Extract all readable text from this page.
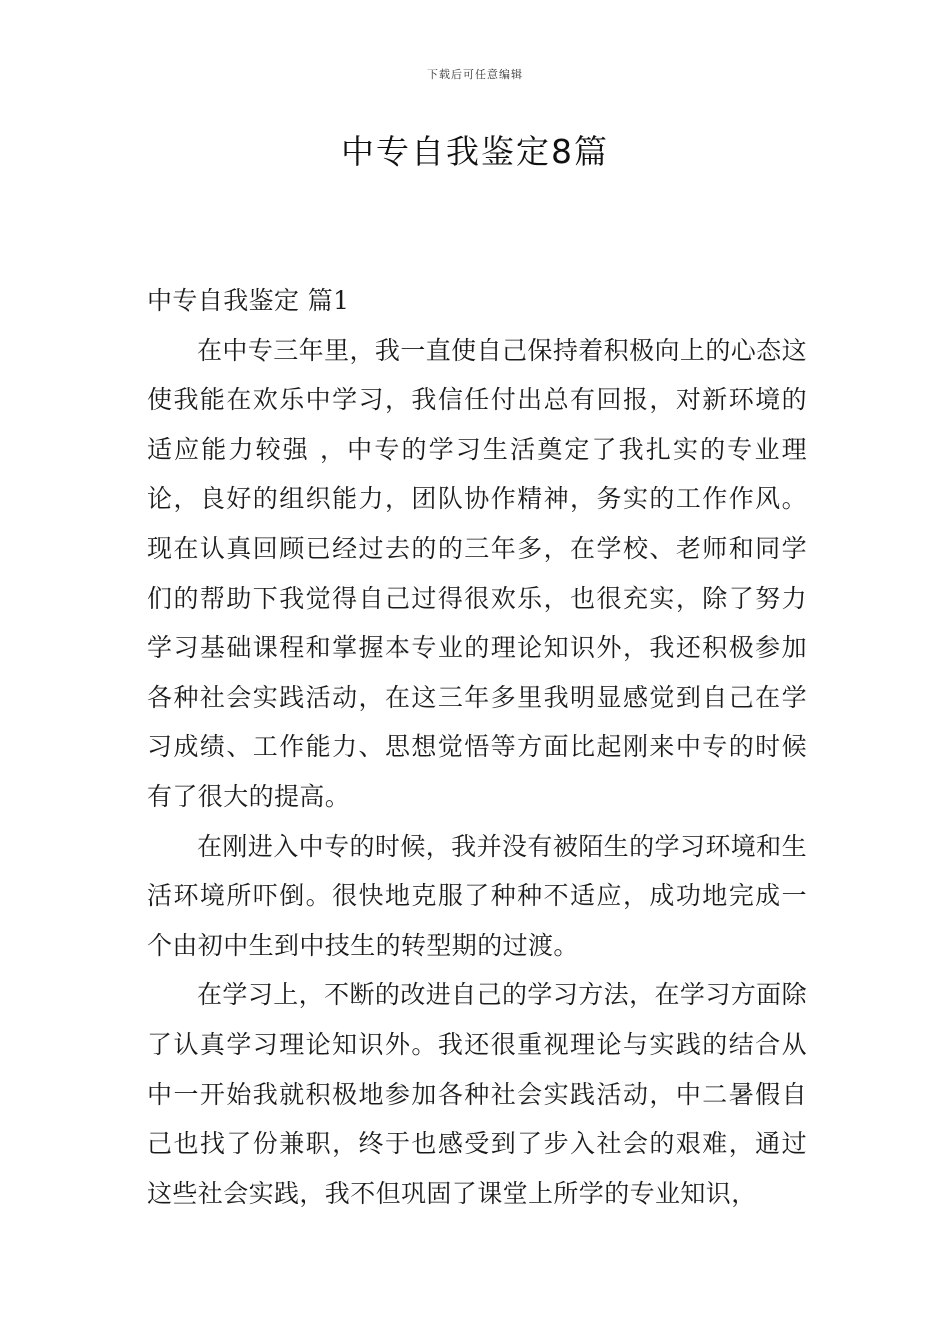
下载后可任意编辑
中专自我鉴定8篇
中专自我鉴定 篇1

在中专三年里，我一直使自己保持着积极向上的心态这使我能在欢乐中学习，我信任付出总有回报，对新环境的适应能力较强 ，中专的学习生活奠定了我扎实的专业理论，良好的组织能力，团队协作精神，务实的工作作风。现在认真回顾已经过去的的三年多，在学校、老师和同学们的帮助下我觉得自己过得很欢乐，也很充实，除了努力学习基础课程和掌握本专业的理论知识外，我还积极参加各种社会实践活动，在这三年多里我明显感觉到自己在学习成绩、工作能力、思想觉悟等方面比起刚来中专的时候有了很大的提高。

在刚进入中专的时候，我并没有被陌生的学习环境和生活环境所吓倒。很快地克服了种种不适应，成功地完成一个由初中生到中技生的转型期的过渡。

在学习上，不断的改进自己的学习方法，在学习方面除了认真学习理论知识外。我还很重视理论与实践的结合从中一开始我就积极地参加各种社会实践活动，中二暑假自己也找了份兼职，终于也感受到了步入社会的艰难，通过这些社会实践，我不但巩固了课堂上所学的专业知识，
